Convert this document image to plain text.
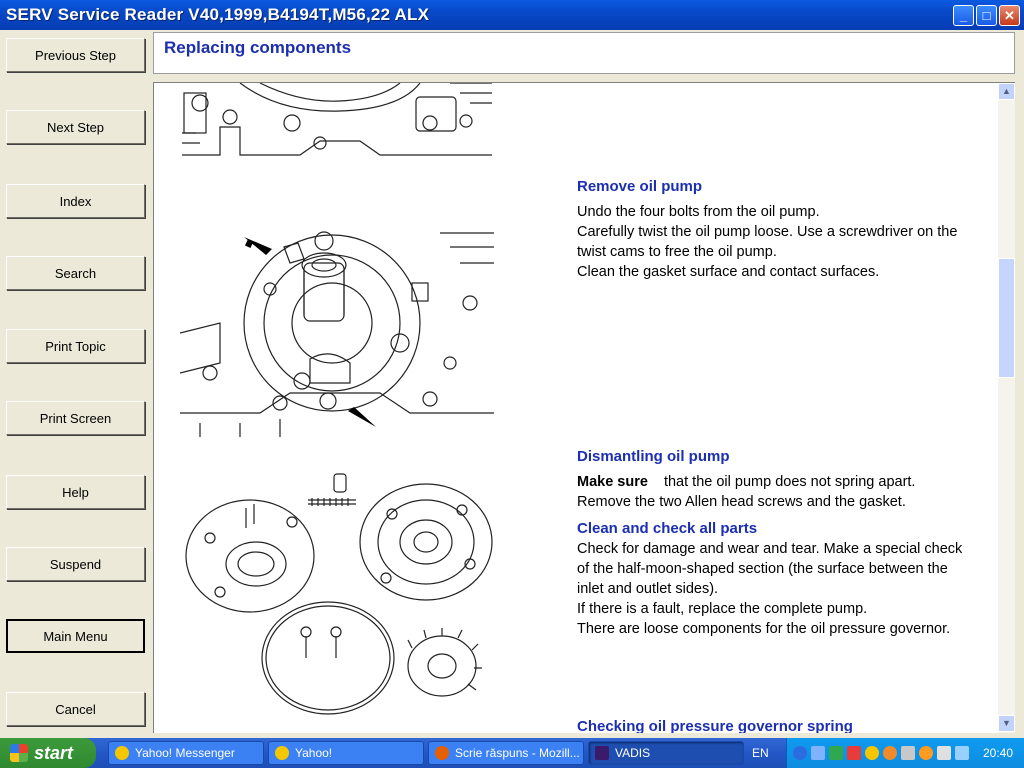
SERV Service Reader V40,1999,B4194T,M56,22 ALX	_	□	✕
Previous Step
Next Step
Index
Search
Print Topic
Print Screen
Help
Suspend
Main Menu
Cancel
Replacing components
Remove oil pump
Undo the four bolts from the oil pump.
Carefully twist the oil pump loose. Use a screwdriver on the
twist cams to free the oil pump.
Clean the gasket surface and contact surfaces.
Dismantling oil pump
Make sure that the oil pump does not spring apart.
Remove the two Allen head screws and the gasket.
Clean and check all parts
Check for damage and wear and tear. Make a special check
of the half-moon-shaped section (the surface between the
inlet and outlet sides).
If there is a fault, replace the complete pump.
There are loose components for the oil pressure governor.
Checking oil pressure governor spring
▲
▼
start	Yahoo! Messenger	Yahoo!	Scrie răspuns - Mozill...	VADIS	EN	20:40
